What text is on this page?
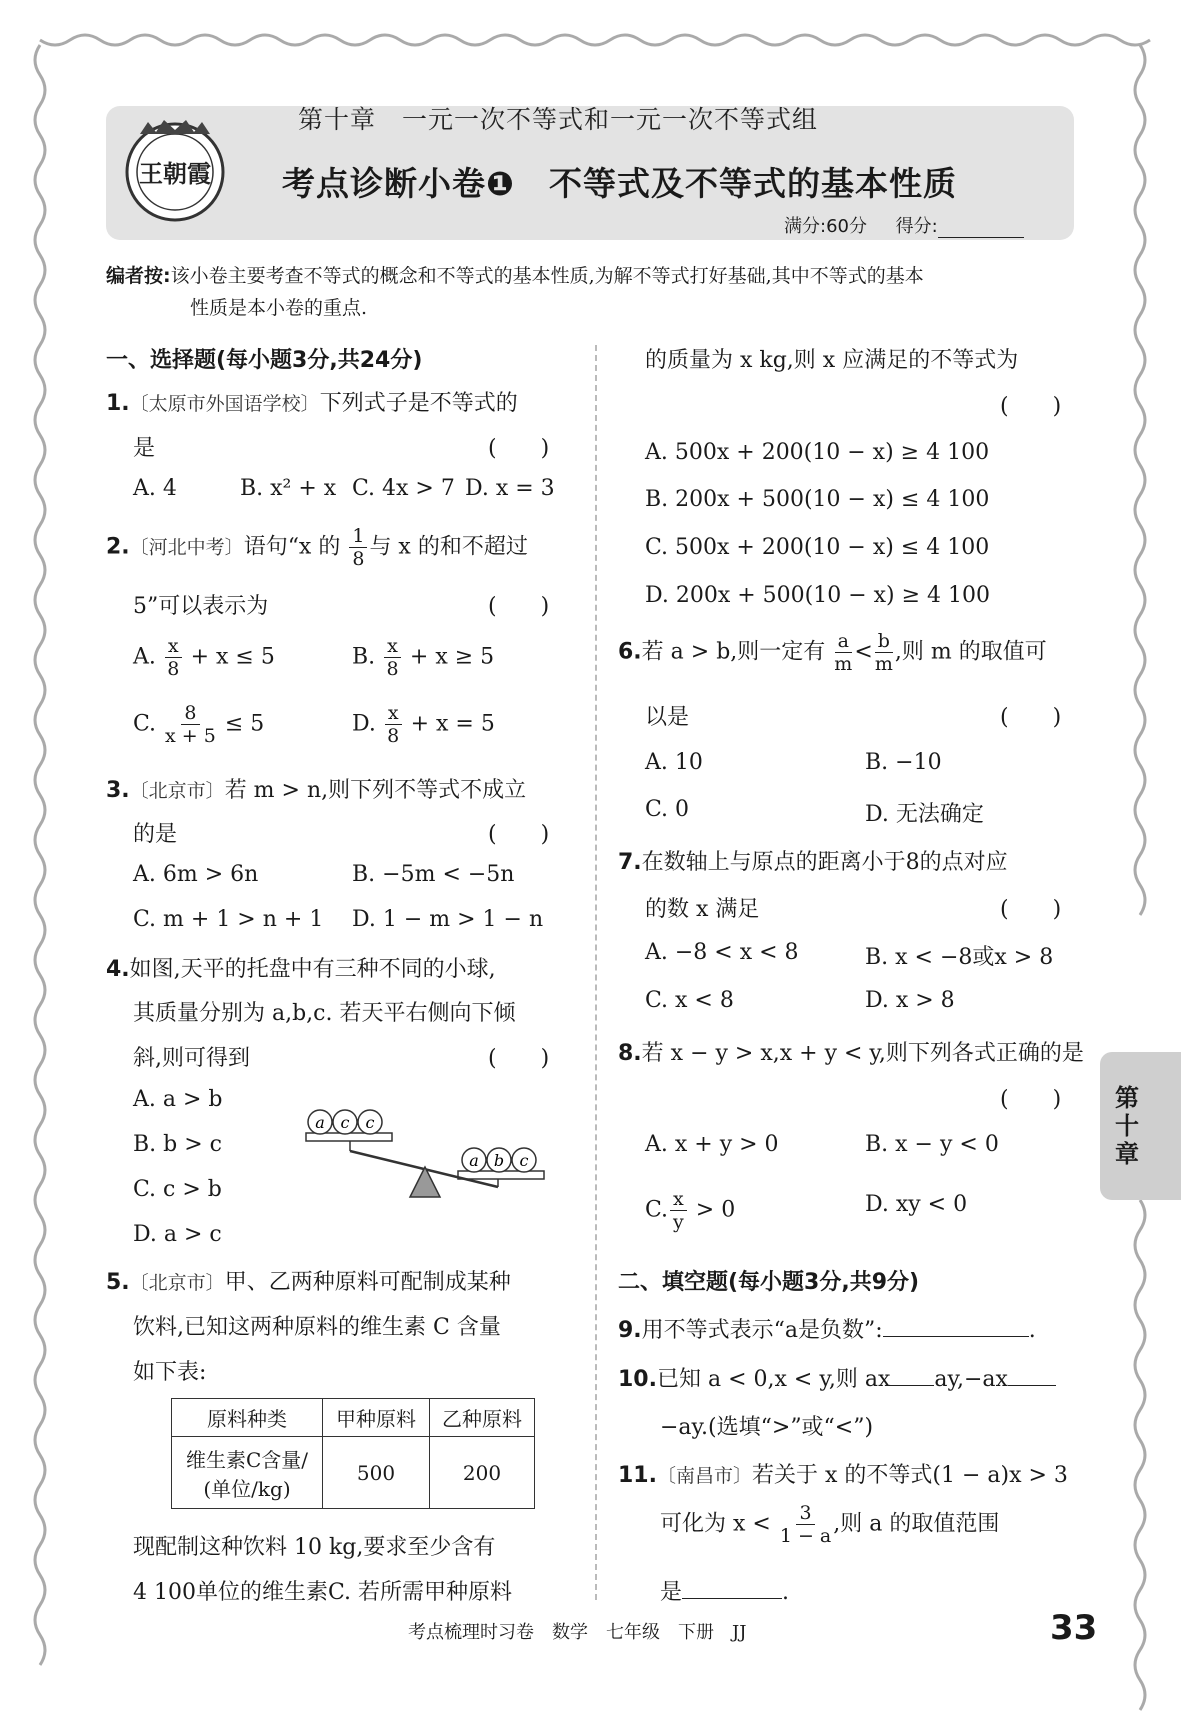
王朝霞
第十章　一元一次不等式和一元一次不等式组
考点诊断小卷❶　不等式及不等式的基本性质
满分:60分 得分:
编者按:该小卷主要考查不等式的概念和不等式的基本性质,为解不等式打好基础,其中不等式的基本
性质是本小卷的重点.
一、选择题(每小题3分,共24分)
1.〔太原市外国语学校〕下列式子是不等式的
是	(　　)
A. 4	B. x² + x C. 4x > 7 D. x = 3
2.〔河北中考〕语句“x 的 $\frac{1}{8}$ 与 x 的和不超过
5”可以表示为	(　　)
A. $\frac{x}{8} + x \le 5$	B. $\frac{x}{8} + x \ge 5$
C. $\frac{8}{x + 5} \le 5$	D. $\frac{x}{8} + x = 5$
3.〔北京市〕若 m > n,则下列不等式不成立
的是	(　　)
A. 6m > 6n	B. −5m < −5n
C. m + 1 > n + 1 D. 1 − m > 1 − n
4.如图,天平的托盘中有三种不同的小球,
其质量分别为 a,b,c. 若天平右侧向下倾
斜,则可得到	(　　)
A. a > b
B. b > c
C. c > b
D. a > c
a c c
a b c
5.〔北京市〕甲、乙两种原料可配制成某种
饮料,已知这两种原料的维生素 C 含量
如下表:
原料种类	甲种原料	乙种原料
维生素C含量/
(单位/kg)	500	200
现配制这种饮料 10 kg,要求至少含有
4 100单位的维生素C. 若所需甲种原料
的质量为 x kg,则 x 应满足的不等式为
(　　)
A. 500x + 200(10 − x) ≥ 4 100
B. 200x + 500(10 − x) ≤ 4 100
C. 500x + 200(10 − x) ≤ 4 100
D. 200x + 500(10 − x) ≥ 4 100
6.若 a > b,则一定有 $\frac{a}{m} < \frac{b}{m}$ ,则 m 的取值可
以是	(　　)
A. 10	B. −10
C. 0	D. 无法确定
7.在数轴上与原点的距离小于8的点对应
的数 x 满足	(　　)
A. −8 < x < 8	B. x < −8或x > 8
C. x < 8	D. x > 8
8.若 x − y > x,x + y < y,则下列各式正确的是
(　　)
A. x + y > 0	B. x − y < 0
C. $\frac{x}{y} > 0$	D. xy < 0
二、填空题(每小题3分,共9分)
9.用不等式表示“a是负数”:	.
10.已知 a < 0,x < y,则 ax ay,−ax
−ay.(选填“>”或“<”)
11.〔南昌市〕若关于 x 的不等式(1 − a)x > 3
可化为 $x < \frac{3}{1 - a}$ ,则 a 的取值范围
是	.
第十章
考点梳理时习卷　数学　七年级　下册　JJ	33
